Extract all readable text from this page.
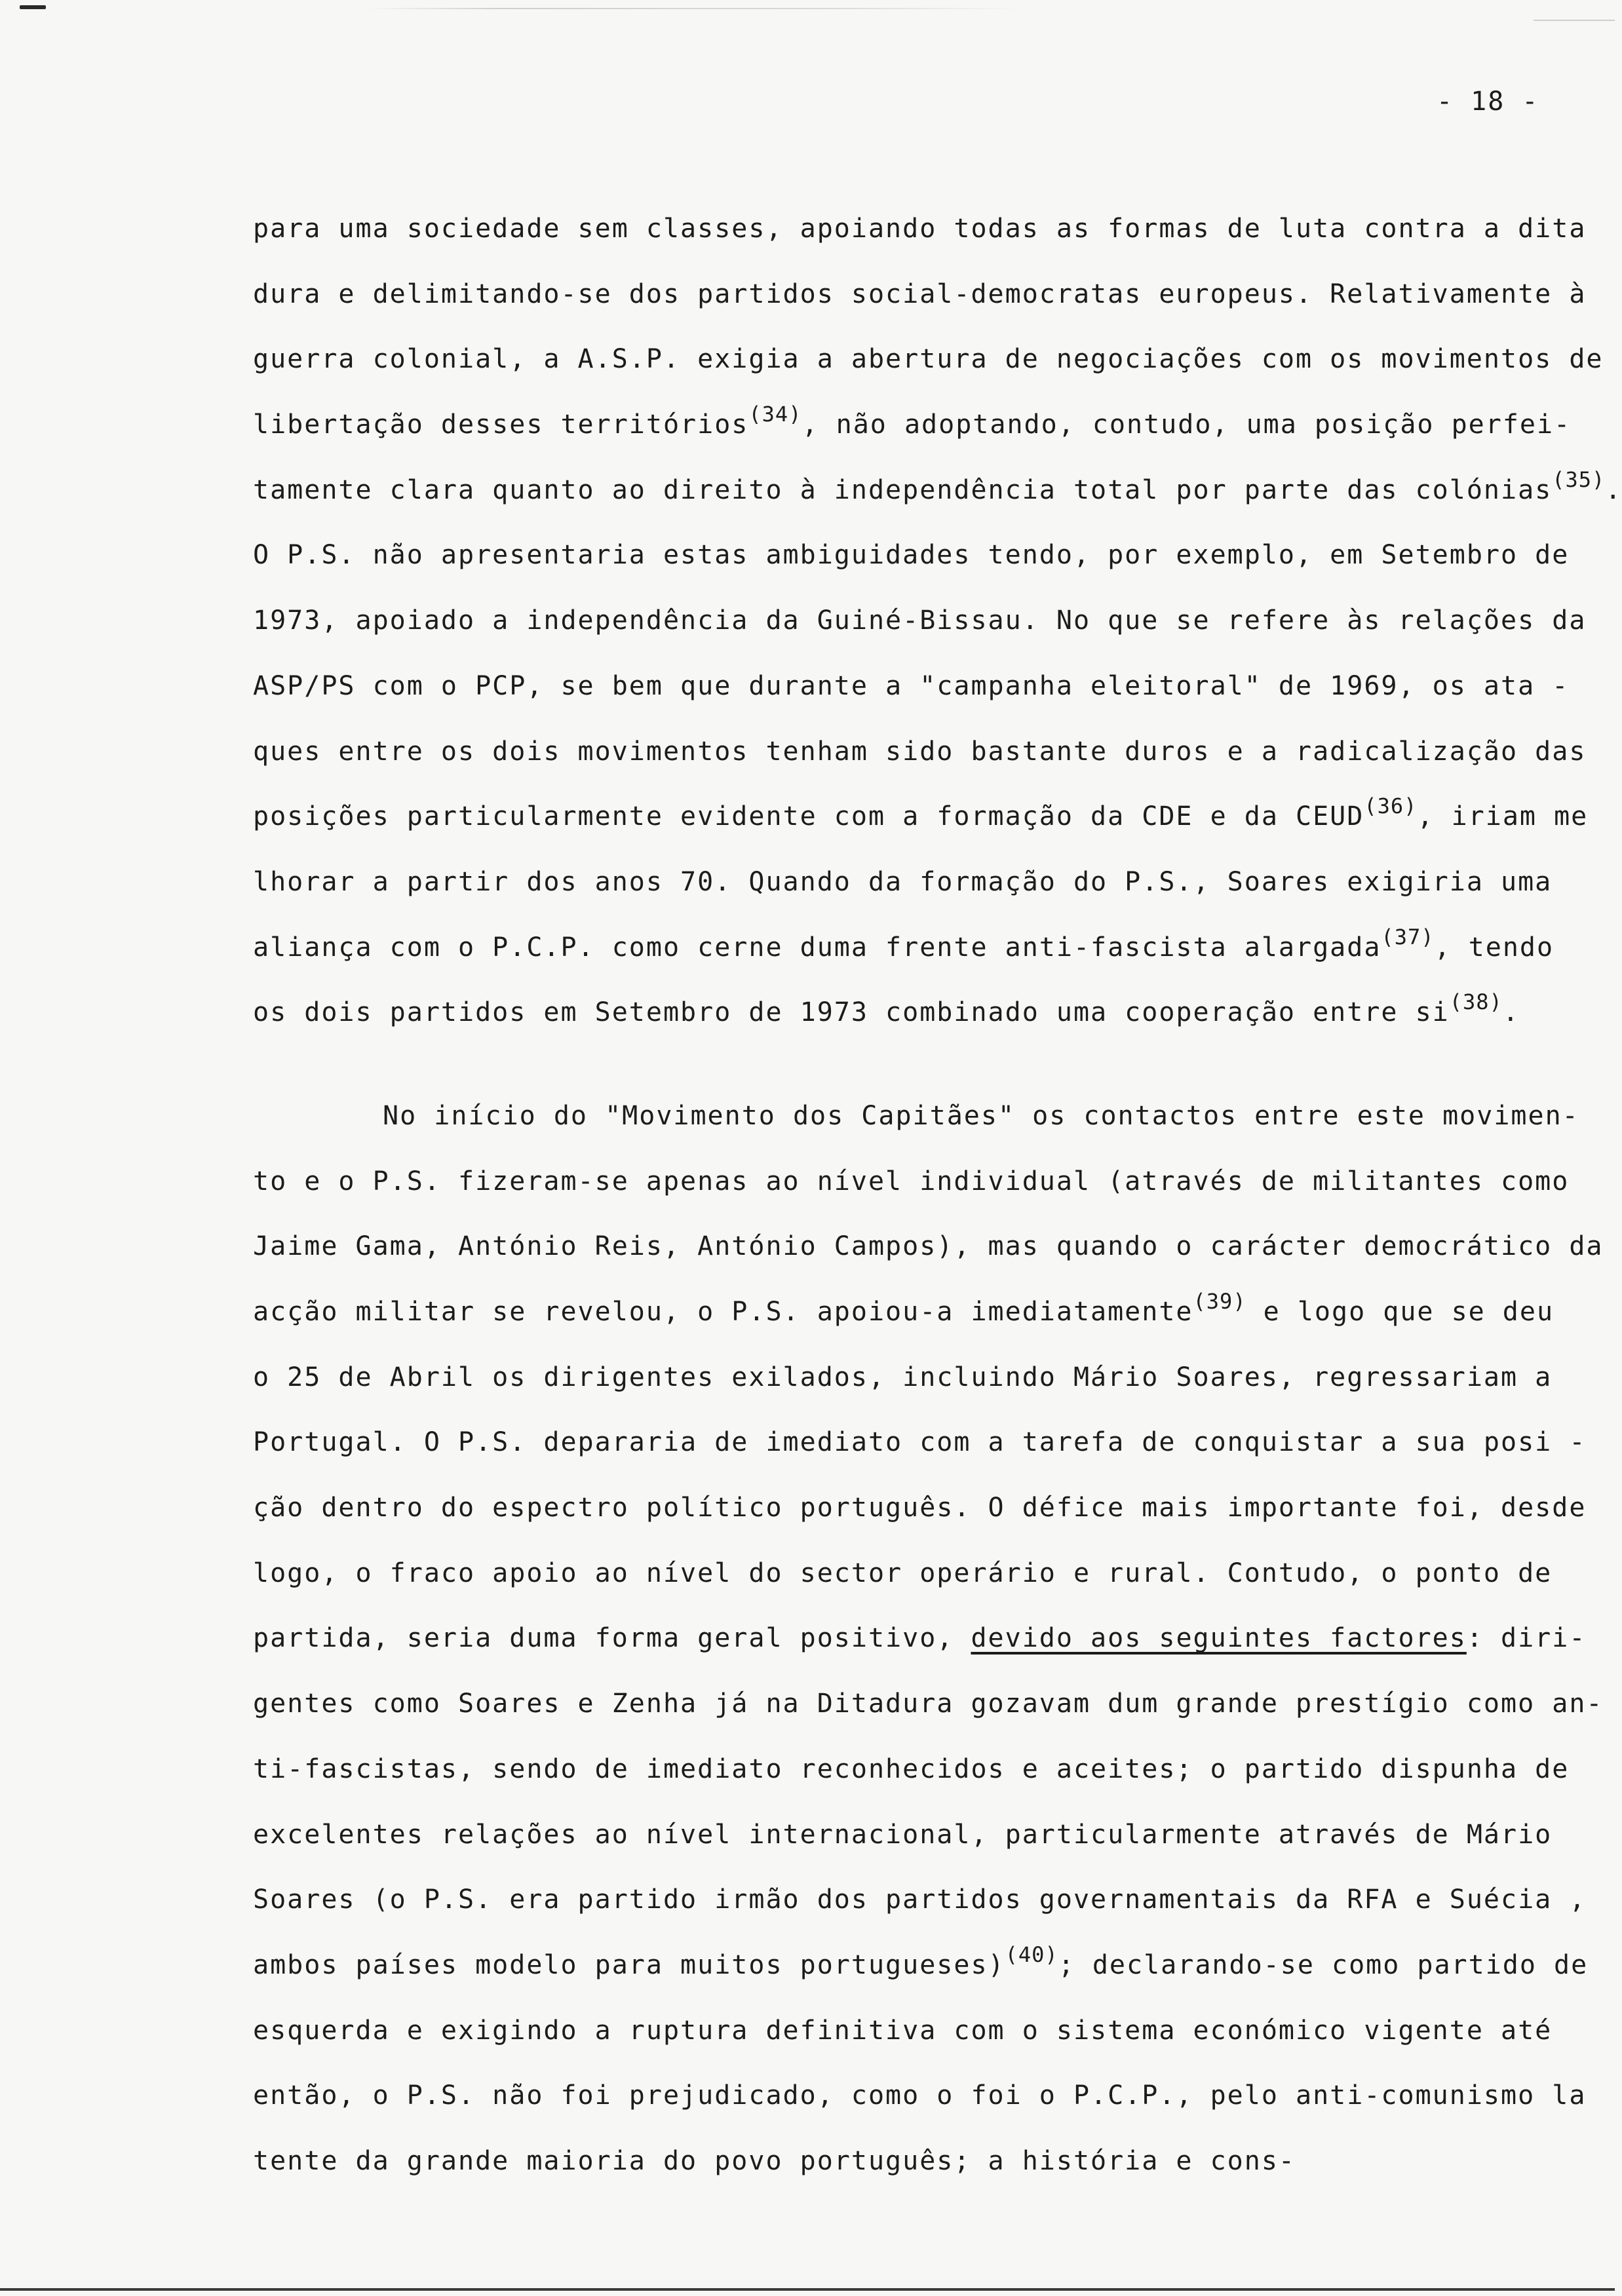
- 18 -
para uma sociedade sem classes, apoiando todas as formas de luta contra a dita
dura e delimitando-se dos partidos social-democratas europeus. Relativamente à
guerra colonial, a A.S.P. exigia a abertura de negociações com os movimentos de
libertação desses territórios$^{(34)}$, não adoptando, contudo, uma posição perfei-
tamente clara quanto ao direito à independência total por parte das colónias$^{(35)}$.
O P.S. não apresentaria estas ambiguidades tendo, por exemplo, em Setembro de
1973, apoiado a independência da Guiné-Bissau. No que se refere às relações da
ASP/PS com o PCP, se bem que durante a "campanha eleitoral" de 1969, os ata -
ques entre os dois movimentos tenham sido bastante duros e a radicalização das
posições particularmente evidente com a formação da CDE e da CEUD$^{(36)}$, iriam me
lhorar a partir dos anos 70. Quando da formação do P.S., Soares exigiria uma
aliança com o P.C.P. como cerne duma frente anti-fascista alargada$^{(37)}$, tendo
os dois partidos em Setembro de 1973 combinado uma cooperação entre si$^{(38)}$.
No início do "Movimento dos Capitães" os contactos entre este movimen-
to e o P.S. fizeram-se apenas ao nível individual (através de militantes como
Jaime Gama, António Reis, António Campos), mas quando o carácter democrático da
acção militar se revelou, o P.S. apoiou-a imediatamente$^{(39)}$ e logo que se deu
o 25 de Abril os dirigentes exilados, incluindo Mário Soares, regressariam a
Portugal. O P.S. depararia de imediato com a tarefa de conquistar a sua posi -
ção dentro do espectro político português. O défice mais importante foi, desde
logo, o fraco apoio ao nível do sector operário e rural. Contudo, o ponto de
partida, seria duma forma geral positivo, devido aos seguintes factores: diri-
gentes como Soares e Zenha já na Ditadura gozavam dum grande prestígio como an-
ti-fascistas, sendo de imediato reconhecidos e aceites; o partido dispunha de
excelentes relações ao nível internacional, particularmente através de Mário
Soares (o P.S. era partido irmão dos partidos governamentais da RFA e Suécia ,
ambos países modelo para muitos portugueses)$^{(40)}$; declarando-se como partido de
esquerda e exigindo a ruptura definitiva com o sistema económico vigente até
então, o P.S. não foi prejudicado, como o foi o P.C.P., pelo anti-comunismo la
tente da grande maioria do povo português; a história e cons-
